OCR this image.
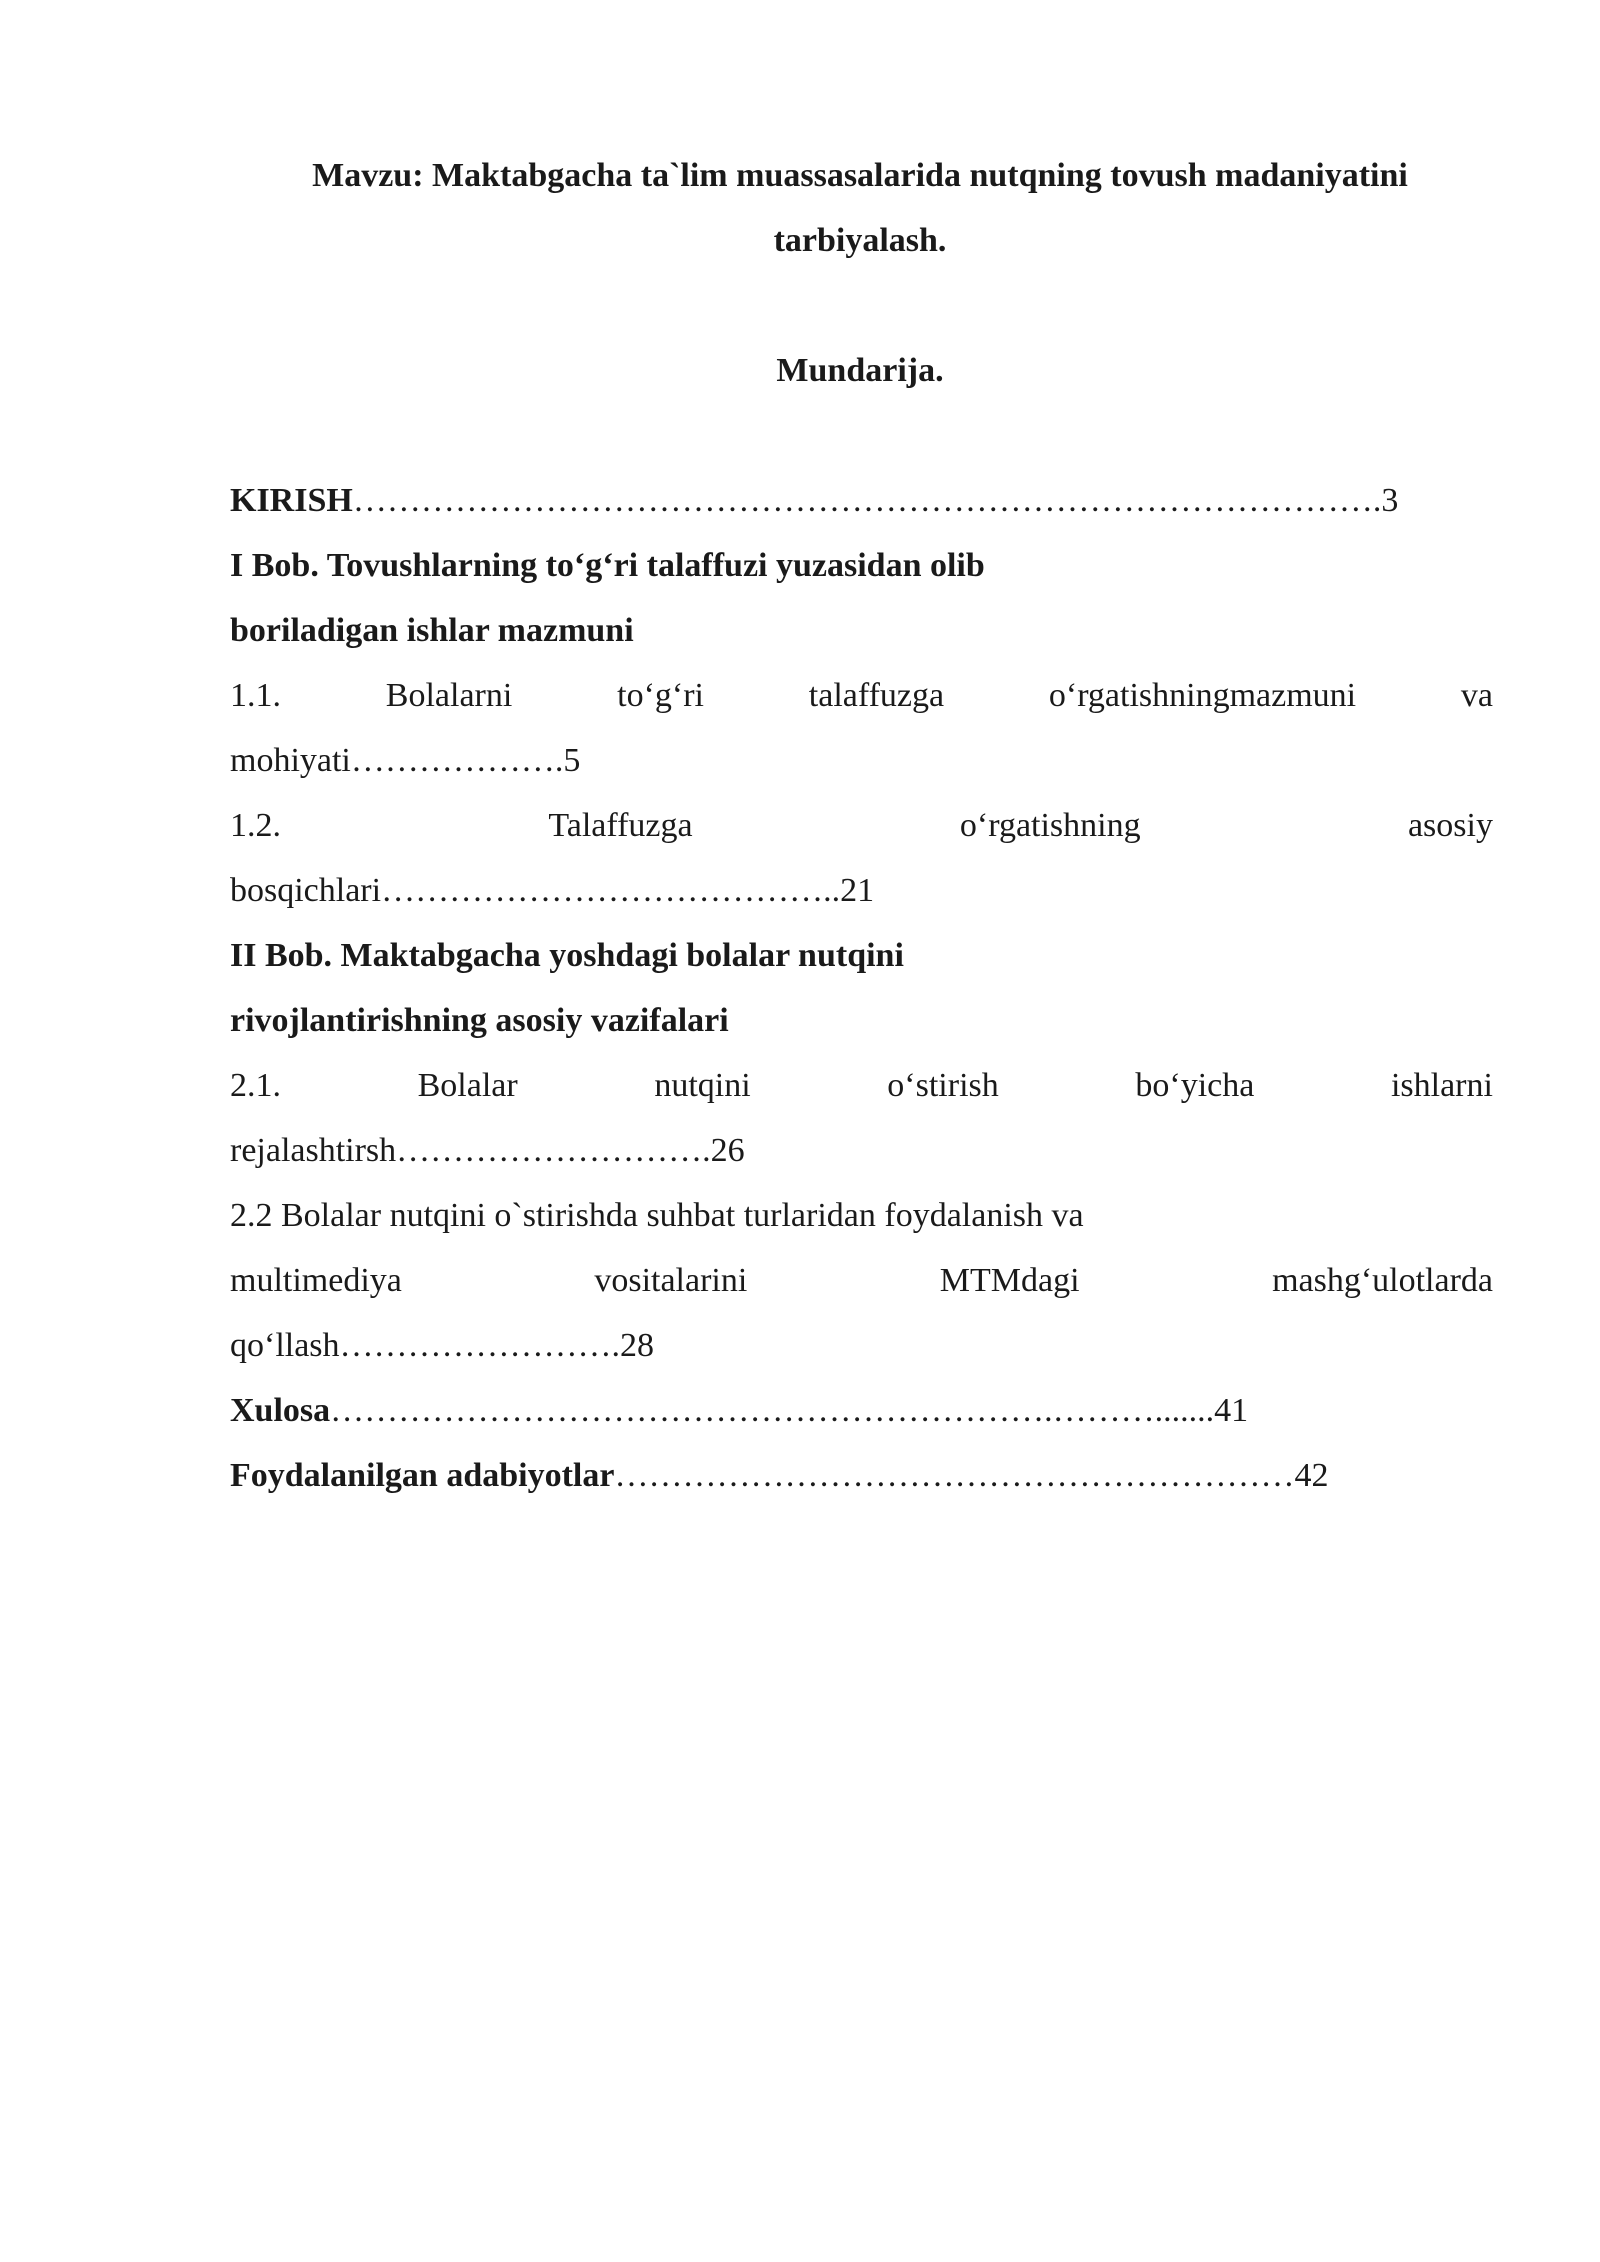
Mavzu: Maktabgacha ta`lim muassasalarida nutqning tovush madaniyatini
tarbiyalash.
Mundarija.
KIRISH……………………………………………………………………………….3
I Bob. Tovushlarning to‘g‘ri talaffuzi yuzasidan olib
boriladigan ishlar mazmuni
1.1.	Bolalarni	to‘g‘ri	talaffuzga	o‘rgatishningmazmuni	va
mohiyati……………….5
1.2.	Talaffuzga	o‘rgatishning	asosiy
bosqichlari…………………………………..21
II Bob. Maktabgacha yoshdagi bolalar nutqini
rivojlantirishning asosiy vazifalari
2.1.	Bolalar	nutqini	o‘stirish	bo‘yicha	ishlarni
rejalashtirsh……………………….26
2.2 Bolalar nutqini o`stirishda suhbat turlaridan foydalanish va
multimediya	vositalarini	MTMdagi	mashg‘ulotlarda
qo‘llash…………………….28
Xulosa……………………………………………………….……….......41
Foydalanilgan adabiyotlar……………………………………………………42
